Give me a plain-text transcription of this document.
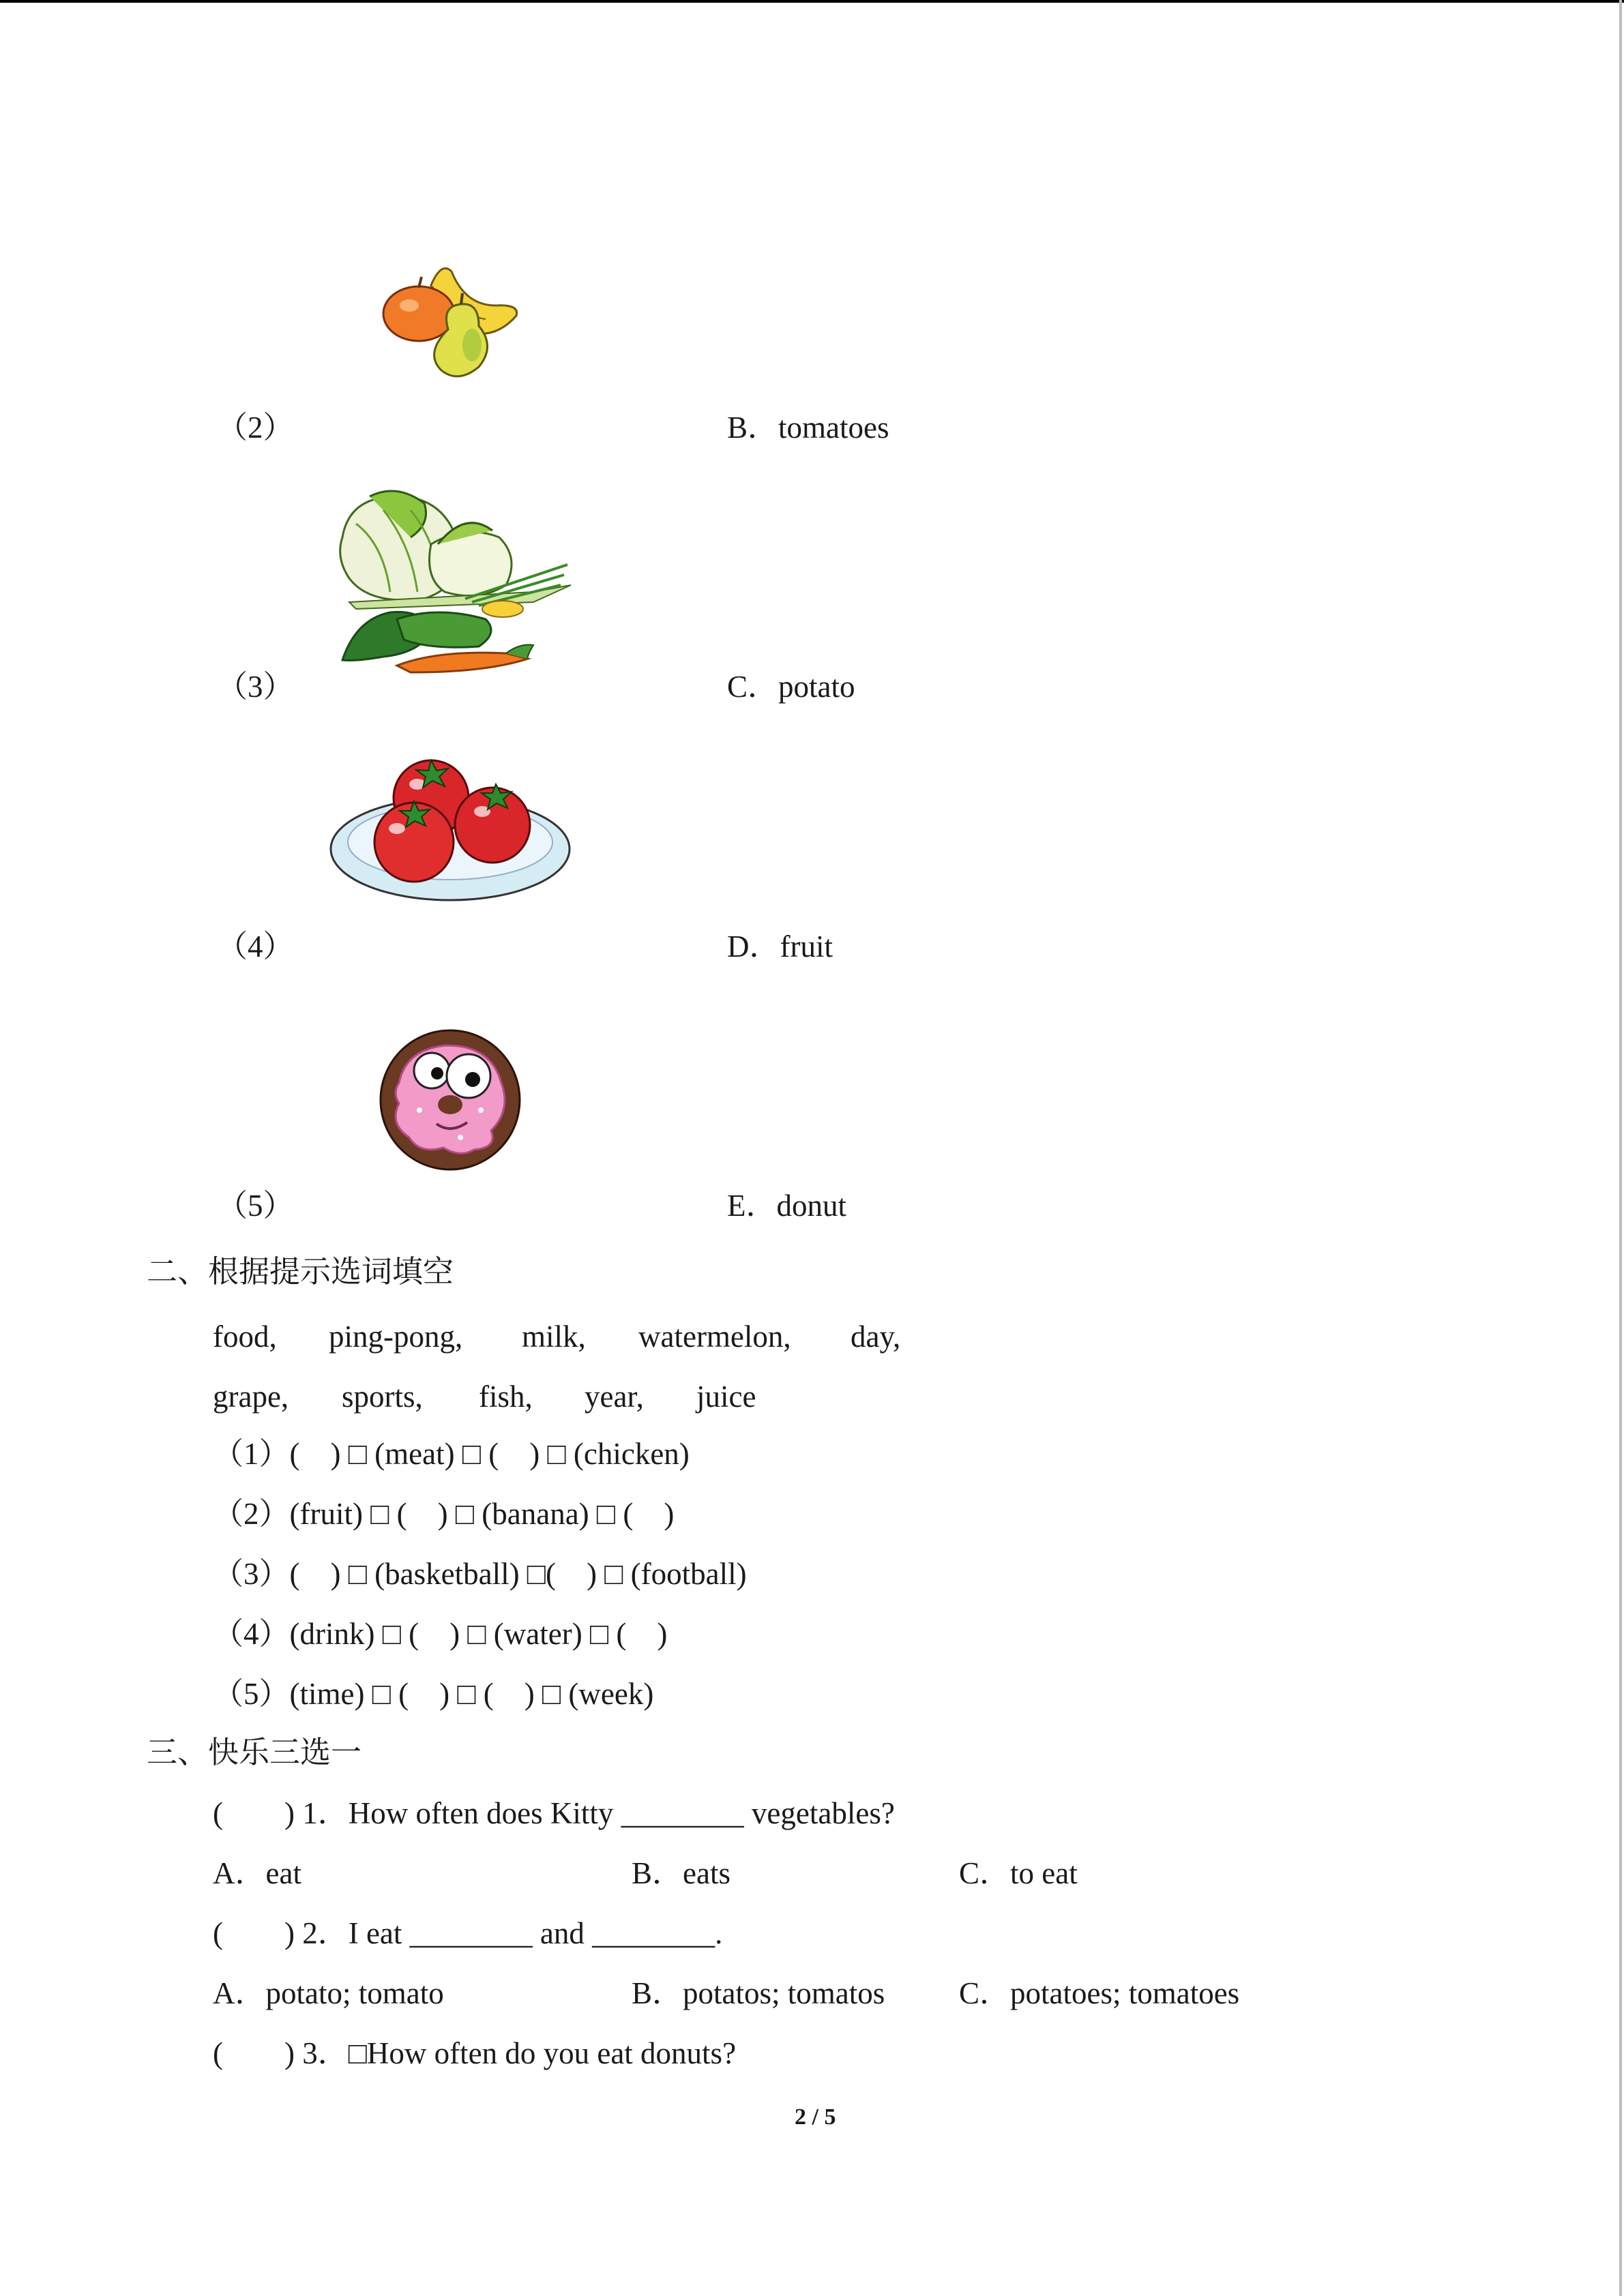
（2）	B．tomatoes
（3）	C．potato
（4）	D．fruit
（5）	E．donut
二、根据提示选词填空
food, ping-pong, milk, watermelon, day,
grape, sports, fish, year, juice
（1）(    ) □ (meat) □ (    ) □ (chicken)
（2）(fruit) □ (    ) □ (banana) □ (    )
（3）(    ) □ (basketball) □(    ) □ (football)
（4）(drink) □ (    ) □ (water) □ (    )
（5）(time) □ (    ) □ (    ) □ (week)
三、快乐三选一
(        ) 1．How often does Kitty ________ vegetables?
A．eat	B．eats	C．to eat
(        ) 2．I eat ________ and ________.
A．potato; tomato	B．potatos; tomatos C．potatoes; tomatoes
(        ) 3．□How often do you eat donuts?
2 / 5
